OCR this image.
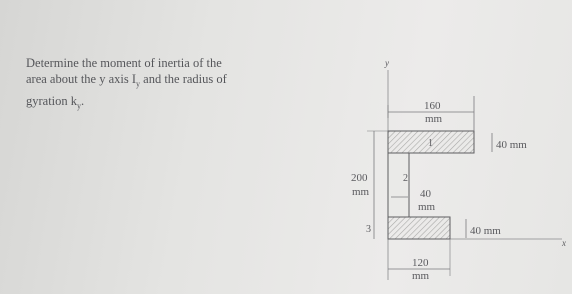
Determine the moment of inertia of the
area about the y axis $I_y$ and the radius of
gyration $k_y$.
y
x
1
2
3
160
mm
40 mm
200
mm	40
mm
40 mm
120
mm
